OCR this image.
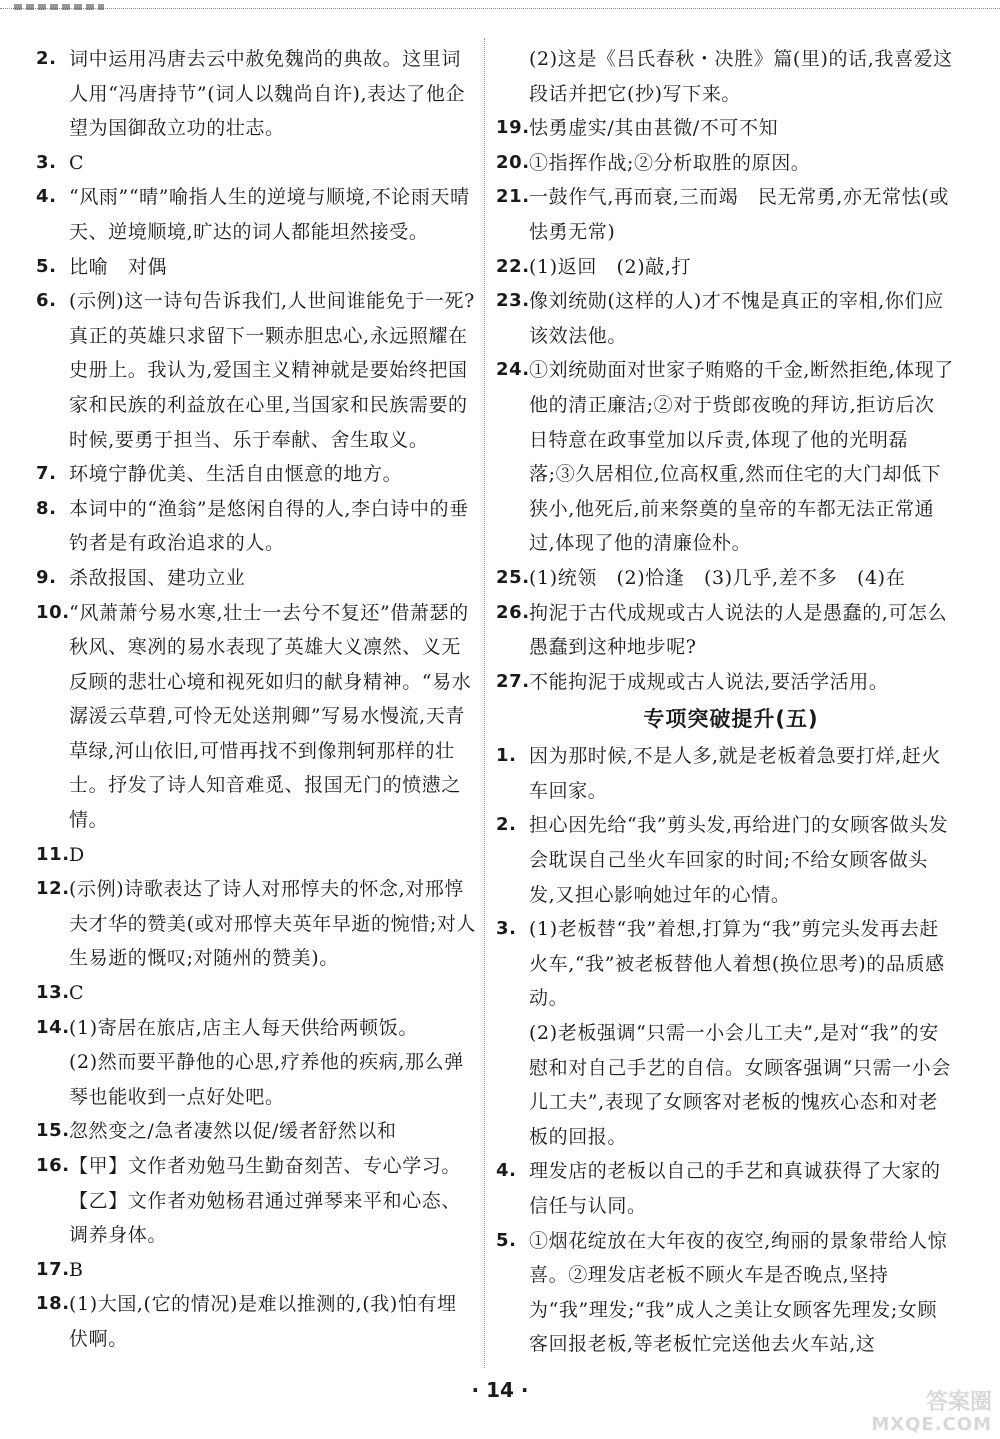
2. 词中运用冯唐去云中赦免魏尚的典故。这里词人用“冯唐持节”(词人以魏尚自许),表达了他企望为国御敌立功的壮志。
3. C
4. “风雨”“晴”喻指人生的逆境与顺境,不论雨天晴天、逆境顺境,旷达的词人都能坦然接受。
5. 比喻　对偶
6. (示例)这一诗句告诉我们,人世间谁能免于一死?真正的英雄只求留下一颗赤胆忠心,永远照耀在史册上。我认为,爱国主义精神就是要始终把国家和民族的利益放在心里,当国家和民族需要的时候,要勇于担当、乐于奉献、舍生取义。
7. 环境宁静优美、生活自由惬意的地方。
8. 本词中的“渔翁”是悠闲自得的人,李白诗中的垂钓者是有政治追求的人。
9. 杀敌报国、建功立业
10. “风萧萧兮易水寒,壮士一去兮不复还”借萧瑟的秋风、寒冽的易水表现了英雄大义凛然、义无反顾的悲壮心境和视死如归的献身精神。“易水潺湲云草碧,可怜无处送荆卿”写易水慢流,天青草绿,河山依旧,可惜再找不到像荆轲那样的壮士。抒发了诗人知音难觅、报国无门的愤懑之情。
11. D
12. (示例)诗歌表达了诗人对邢惇夫的怀念,对邢惇夫才华的赞美(或对邢惇夫英年早逝的惋惜;对人生易逝的慨叹;对随州的赞美)。
13. C
14. (1)寄居在旅店,店主人每天供给两顿饭。
(2)然而要平静他的心思,疗养他的疾病,那么弹琴也能收到一点好处吧。
15. 忽然变之/急者凄然以促/缓者舒然以和
16. 【甲】文作者劝勉马生勤奋刻苦、专心学习。
【乙】文作者劝勉杨君通过弹琴来平和心态、调养身体。
17. B
18. (1)大国,(它的情况)是难以推测的,(我)怕有埋伏啊。
(2)这是《吕氏春秋・决胜》篇(里)的话,我喜爱这段话并把它(抄)写下来。
19. 怯勇虚实/其由甚微/不可不知
20. ①指挥作战;②分析取胜的原因。
21. 一鼓作气,再而衰,三而竭　民无常勇,亦无常怯(或怯勇无常)
22. (1)返回　(2)敲,打
23. 像刘统勋(这样的人)才不愧是真正的宰相,你们应该效法他。
24. ①刘统勋面对世家子贿赂的千金,断然拒绝,体现了他的清正廉洁;②对于赀郎夜晚的拜访,拒访后次日特意在政事堂加以斥责,体现了他的光明磊落;③久居相位,位高权重,然而住宅的大门却低下狭小,他死后,前来祭奠的皇帝的车都无法正常通过,体现了他的清廉俭朴。
25. (1)统领　(2)恰逢　(3)几乎,差不多　(4)在
26. 拘泥于古代成规或古人说法的人是愚蠢的,可怎么愚蠢到这种地步呢?
27. 不能拘泥于成规或古人说法,要活学活用。
专项突破提升(五)
1. 因为那时候,不是人多,就是老板着急要打烊,赶火车回家。
2. 担心因先给“我”剪头发,再给进门的女顾客做头发会耽误自己坐火车回家的时间;不给女顾客做头发,又担心影响她过年的心情。
3. (1)老板替“我”着想,打算为“我”剪完头发再去赶火车,“我”被老板替他人着想(换位思考)的品质感动。
(2)老板强调“只需一小会儿工夫”,是对“我”的安慰和对自己手艺的自信。女顾客强调“只需一小会儿工夫”,表现了女顾客对老板的愧疚心态和对老板的回报。
4. 理发店的老板以自己的手艺和真诚获得了大家的信任与认同。
5. ①烟花绽放在大年夜的夜空,绚丽的景象带给人惊喜。②理发店老板不顾火车是否晚点,坚持为“我”理发;“我”成人之美让女顾客先理发;女顾客回报老板,等老板忙完送他去火车站,这
· 14 ·	答案圈
MXQE.COM
